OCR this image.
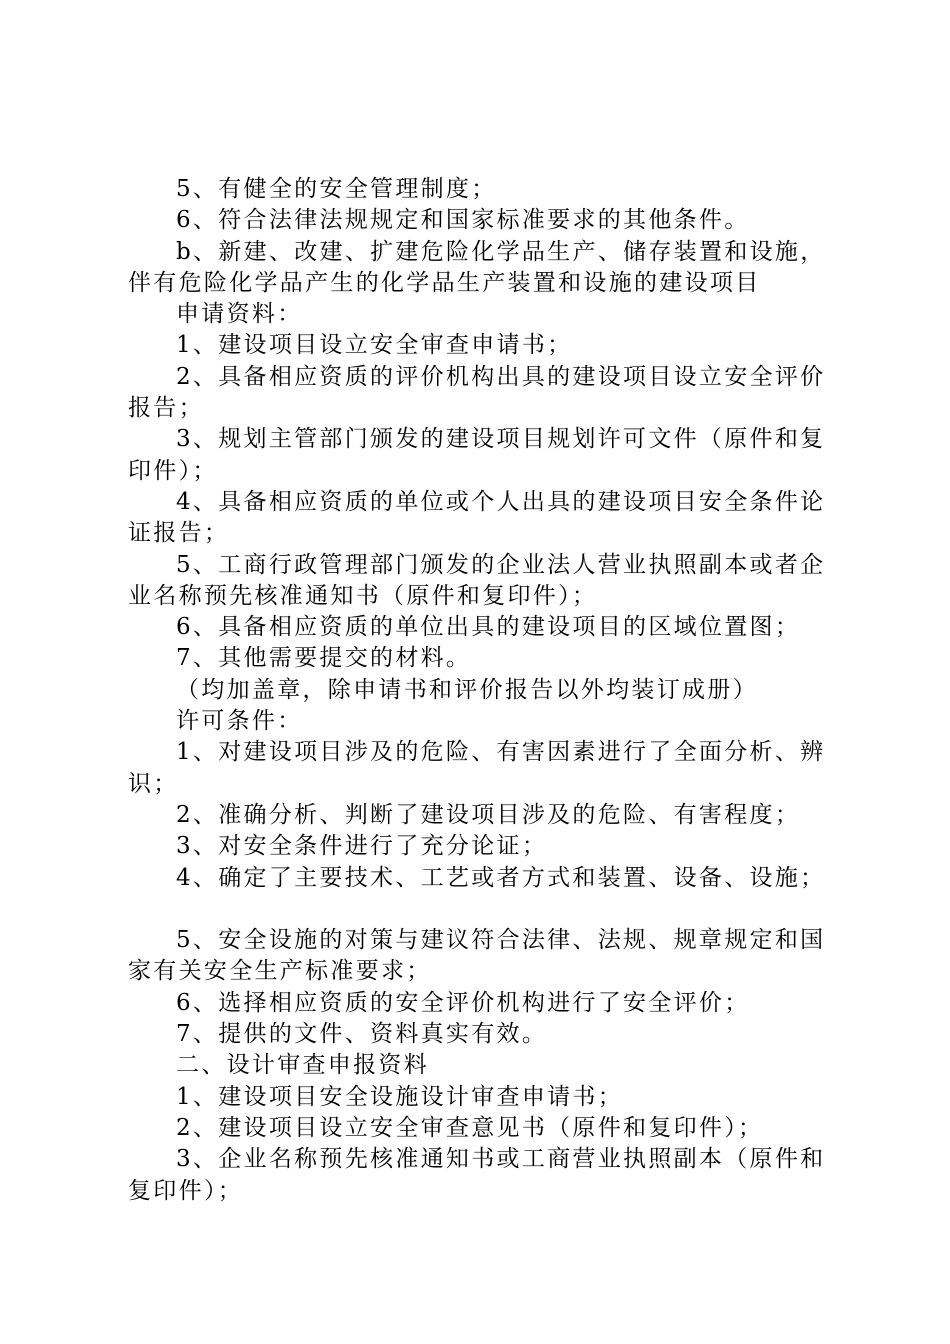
5、有健全的安全管理制度；

6、符合法律法规规定和国家标准要求的其他条件。

b、新建、改建、扩建危险化学品生产、储存装置和设施，伴有危险化学品产生的化学品生产装置和设施的建设项目

申请资料：

1、建设项目设立安全审查申请书；

2、具备相应资质的评价机构出具的建设项目设立安全评价报告；

3、规划主管部门颁发的建设项目规划许可文件（原件和复印件）；

4、具备相应资质的单位或个人出具的建设项目安全条件论证报告；

5、工商行政管理部门颁发的企业法人营业执照副本或者企业名称预先核准通知书（原件和复印件）；

6、具备相应资质的单位出具的建设项目的区域位置图；

7、其他需要提交的材料。

（均加盖章，除申请书和评价报告以外均装订成册）

许可条件：

1、对建设项目涉及的危险、有害因素进行了全面分析、辨识；

2、准确分析、判断了建设项目涉及的危险、有害程度；

3、对安全条件进行了充分论证；

4、确定了主要技术、工艺或者方式和装置、设备、设施；

5、安全设施的对策与建议符合法律、法规、规章规定和国家有关安全生产标准要求；

6、选择相应资质的安全评价机构进行了安全评价；

7、提供的文件、资料真实有效。

二、设计审查申报资料

1、建设项目安全设施设计审查申请书；

2、建设项目设立安全审查意见书（原件和复印件）；

3、企业名称预先核准通知书或工商营业执照副本（原件和复印件）；
